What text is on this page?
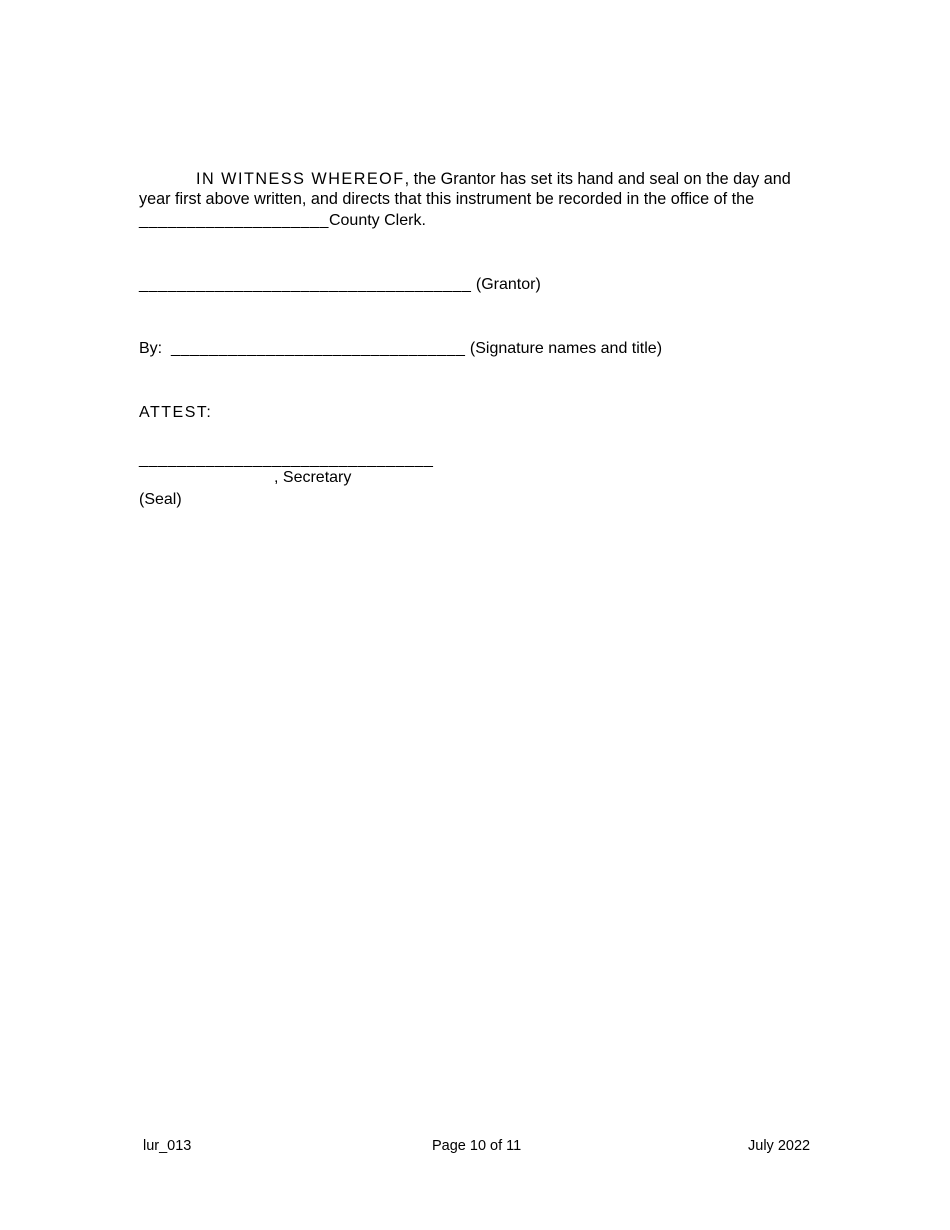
IN WITNESS WHEREOF, the Grantor has set its hand and seal on the day and
year first above written, and directs that this instrument be recorded in the office of the
____________________County Clerk.
___________________________________ (Grantor)
By: _______________________________ (Signature names and title)
ATTEST:
_______________________________
, Secretary
(Seal)
lur_013	Page 10 of 11	July 2022
